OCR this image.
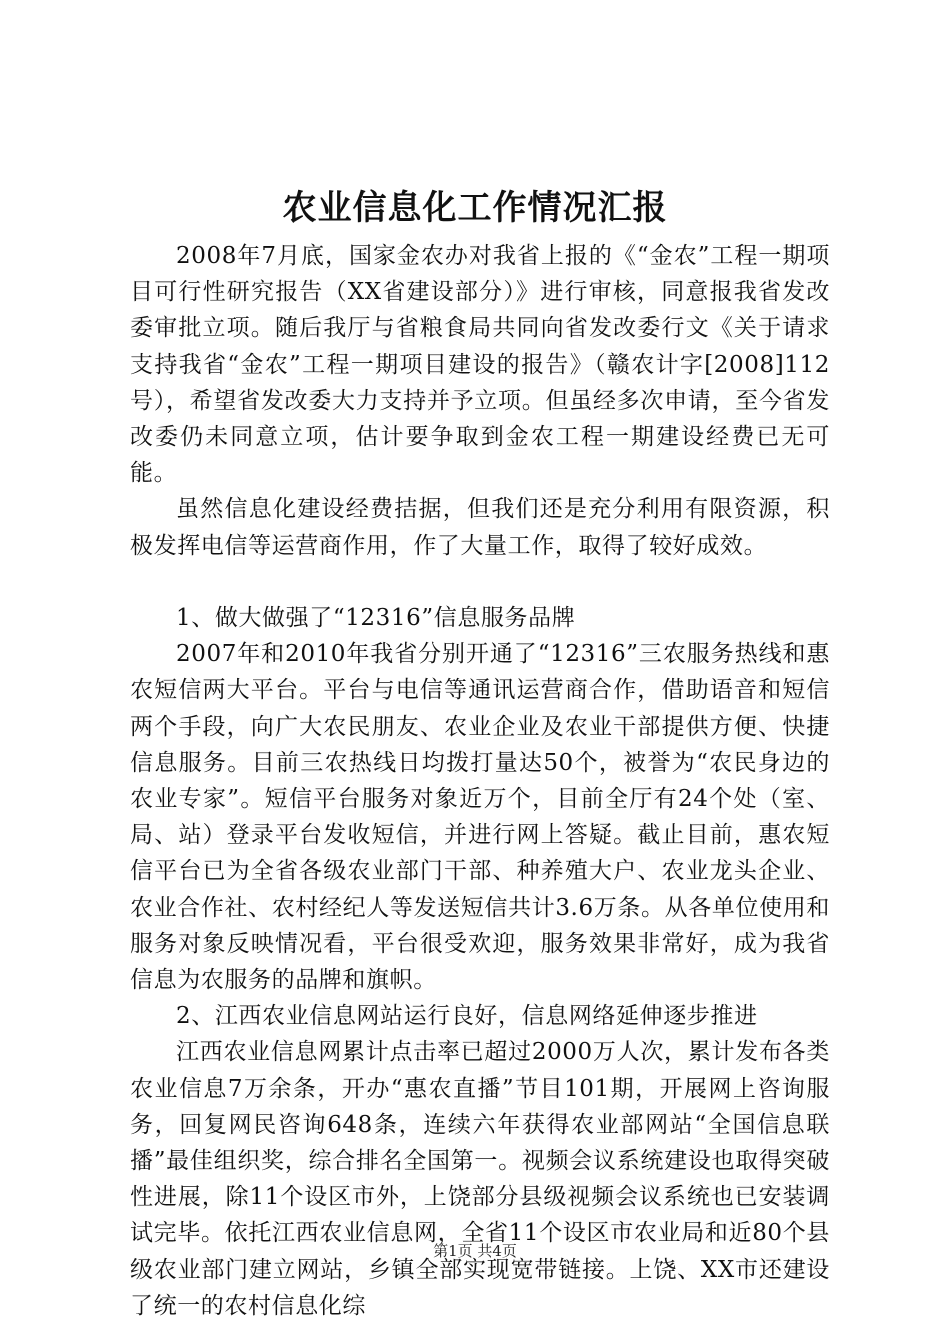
农业信息化工作情况汇报

2008年7月底，国家金农办对我省上报的《“金农”工程一期项目可行性研究报告（XX省建设部分）》进行审核，同意报我省发改委审批立项。随后我厅与省粮食局共同向省发改委行文《关于请求支持我省“金农”工程一期项目建设的报告》（赣农计字[2008]112号），希望省发改委大力支持并予立项。但虽经多次申请，至今省发改委仍未同意立项，估计要争取到金农工程一期建设经费已无可能。

虽然信息化建设经费拮据，但我们还是充分利用有限资源，积极发挥电信等运营商作用，作了大量工作，取得了较好成效。

1、做大做强了“12316”信息服务品牌

2007年和2010年我省分别开通了“12316”三农服务热线和惠农短信两大平台。平台与电信等通讯运营商合作，借助语音和短信两个手段，向广大农民朋友、农业企业及农业干部提供方便、快捷信息服务。目前三农热线日均拨打量达50个，被誉为“农民身边的农业专家”。短信平台服务对象近万个，目前全厅有24个处（室、局、站）登录平台发收短信，并进行网上答疑。截止目前，惠农短信平台已为全省各级农业部门干部、种养殖大户、农业龙头企业、农业合作社、农村经纪人等发送短信共计3.6万条。从各单位使用和服务对象反映情况看，平台很受欢迎，服务效果非常好，成为我省信息为农服务的品牌和旗帜。

2、江西农业信息网站运行良好，信息网络延伸逐步推进

江西农业信息网累计点击率已超过2000万人次，累计发布各类农业信息7万余条，开办“惠农直播”节目101期，开展网上咨询服务，回复网民咨询648条，连续六年获得农业部网站“全国信息联播”最佳组织奖，综合排名全国第一。视频会议系统建设也取得突破性进展，除11个设区市外，上饶部分县级视频会议系统也已安装调试完毕。依托江西农业信息网，全省11个设区市农业局和近80个县级农业部门建立网站，乡镇全部实现宽带链接。上饶、XX市还建设了统一的农村信息化综

第1页 共4页
